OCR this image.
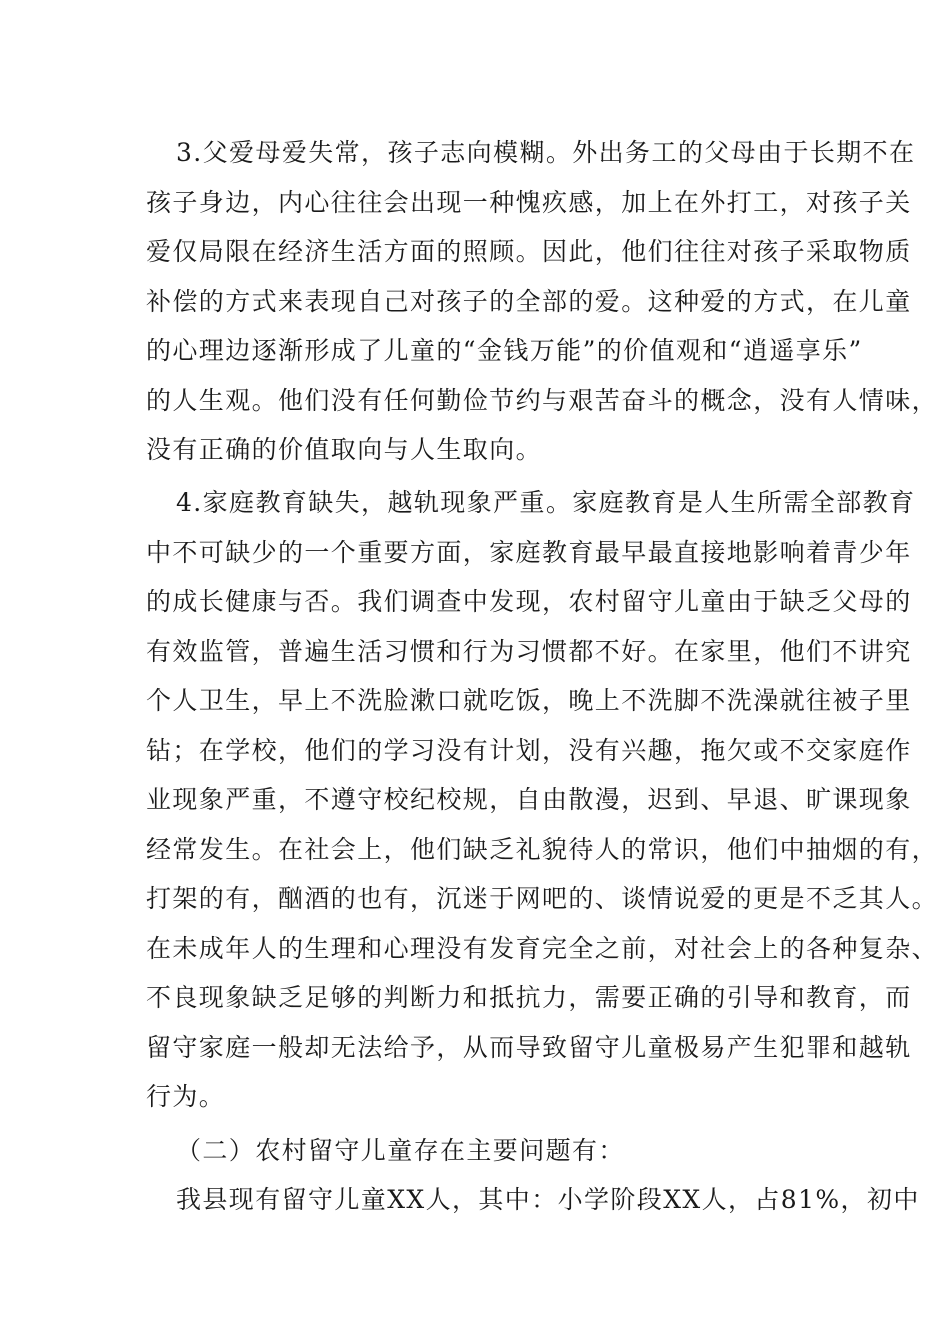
3.父爱母爱失常，孩子志向模糊。外出务工的父母由于长期不在
孩子身边，内心往往会出现一种愧疚感，加上在外打工，对孩子关
爱仅局限在经济生活方面的照顾。因此，他们往往对孩子采取物质
补偿的方式来表现自己对孩子的全部的爱。这种爱的方式，在儿童
的心理边逐渐形成了儿童的“金钱万能”的价值观和“逍遥享乐”
的人生观。他们没有任何勤俭节约与艰苦奋斗的概念，没有人情味，
没有正确的价值取向与人生取向。
4.家庭教育缺失，越轨现象严重。家庭教育是人生所需全部教育
中不可缺少的一个重要方面，家庭教育最早最直接地影响着青少年
的成长健康与否。我们调查中发现，农村留守儿童由于缺乏父母的
有效监管，普遍生活习惯和行为习惯都不好。在家里，他们不讲究
个人卫生，早上不洗脸漱口就吃饭，晚上不洗脚不洗澡就往被子里
钻；在学校，他们的学习没有计划，没有兴趣，拖欠或不交家庭作
业现象严重，不遵守校纪校规，自由散漫，迟到、早退、旷课现象
经常发生。在社会上，他们缺乏礼貌待人的常识，他们中抽烟的有，
打架的有，酗酒的也有，沉迷于网吧的、谈情说爱的更是不乏其人。
在未成年人的生理和心理没有发育完全之前，对社会上的各种复杂、
不良现象缺乏足够的判断力和抵抗力，需要正确的引导和教育，而
留守家庭一般却无法给予，从而导致留守儿童极易产生犯罪和越轨
行为。
（二）农村留守儿童存在主要问题有：
我县现有留守儿童XX人，其中：小学阶段XX人，占81%，初中
